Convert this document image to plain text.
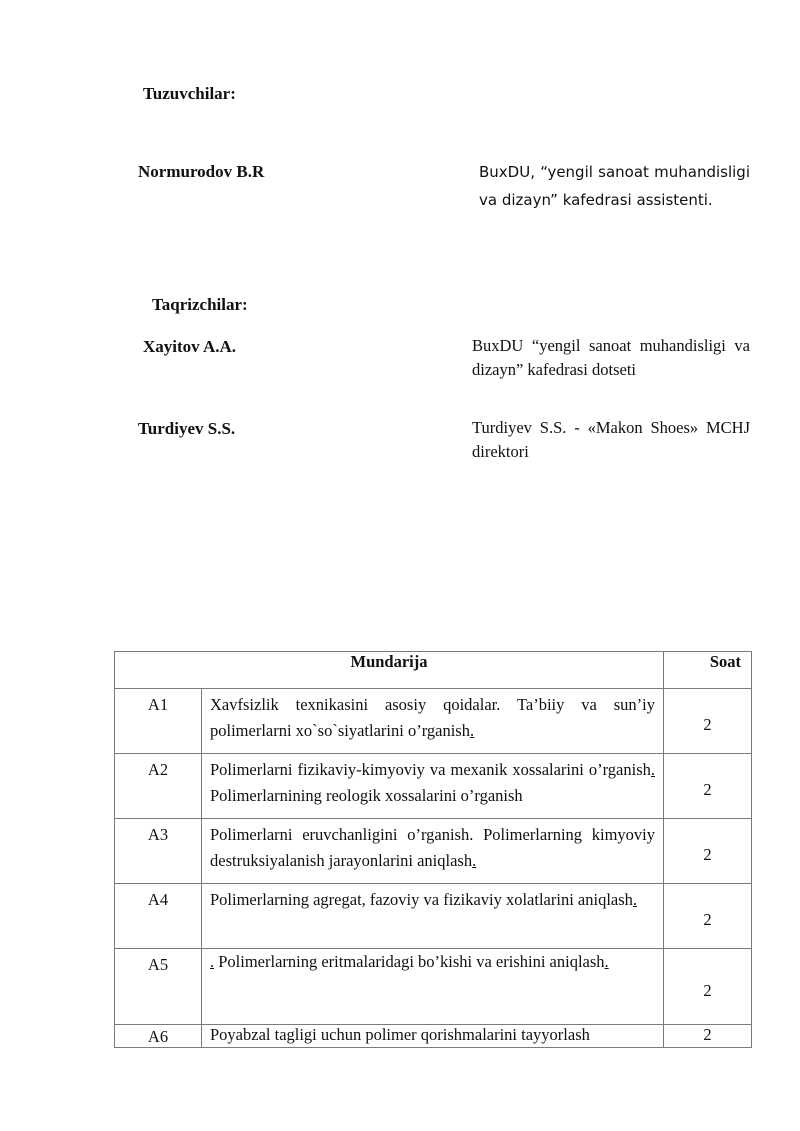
Tuzuvchilar:
Normurodov B.R	BuxDU, “yengil sanoat muhandisligi va dizayn” kafedrasi assistenti.
Taqrizchilar:
Xayitov A.A.	BuxDU “yengil sanoat muhandisligi va dizayn” kafedrasi dotseti
Turdiyev S.S.	Turdiyev S.S. - «Makon Shoes» MCHJ direktori
Mundarija		Soat
A1	Xavfsizlik texnikasini asosiy qoidalar. Ta’biiy va sun’iy polimerlarni xo`so`siyatlarini o’rganish.	2
A2	Polimerlarni fizikaviy-kimyoviy va mexanik xossalarini o’rganish. Polimerlarnining reologik xossalarini o’rganish	2
A3	Polimerlarni eruvchanligini o’rganish. Polimerlarning kimyoviy destruksiyalanish jarayonlarini aniqlash.	2
A4	Polimerlarning agregat, fazoviy va fizikaviy xolatlarini aniqlash.	2
A5	. Polimerlarning eritmalaridagi bo’kishi va erishini aniqlash.	2
A6	Poyabzal tagligi uchun polimer qorishmalarini tayyorlash	2
